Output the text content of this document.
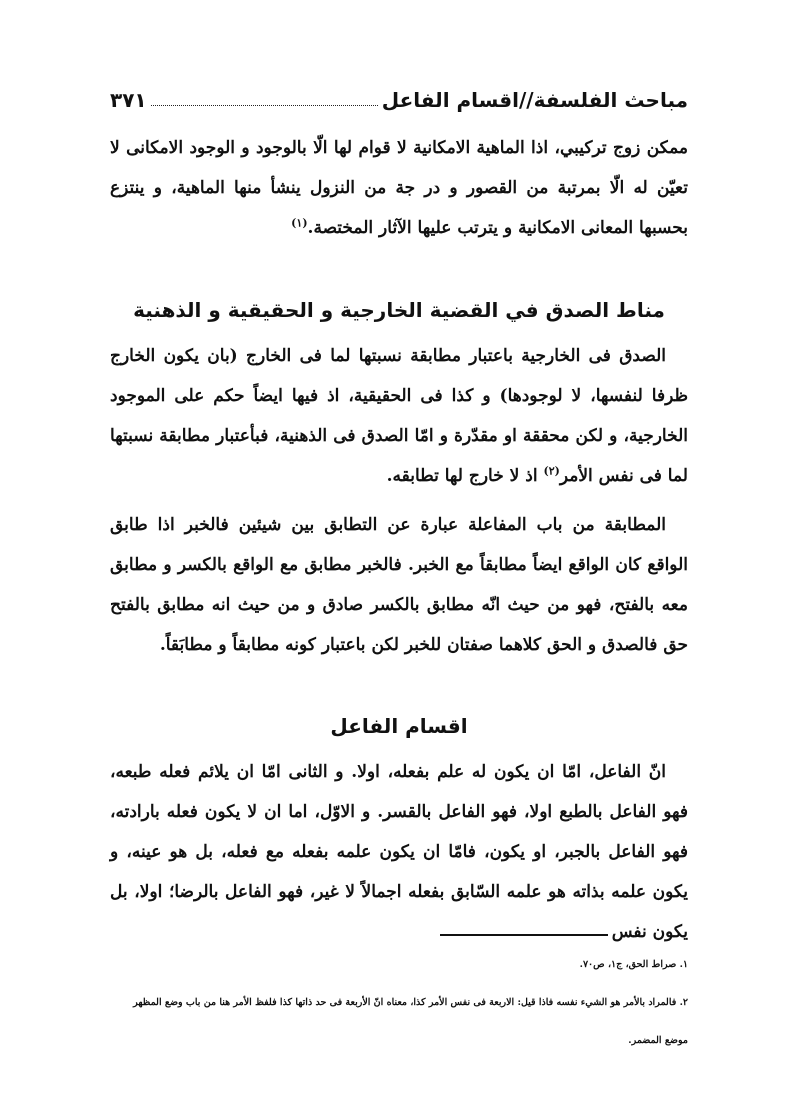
مباحث الفلسفة//اقسام الفاعل
٣٧١
ممكن زوج تركيبي، اذا الماهية الامكانية لا قوام لها الّا بالوجود و الوجود الامكانى لا تعيّن له الّا بمرتبة من القصور و در جة من النزول ينشأ منها الماهية، و ينتزع بحسبها المعانى الامكانية و يترتب عليها الآثار المختصة.$^{(١)}$
مناط الصدق في القضية الخارجية و الحقيقية و الذهنية
الصدق فى الخارجية باعتبار مطابقة نسبتها لما فى الخارج (بان يكون الخارج ظرفا لنفسها، لا لوجودها) و كذا فى الحقيقية، اذ فيها ايضاً حكم على الموجود الخارجية، و لكن محققة او مقدّرة و امّا الصدق فى الذهنية، فبأعتبار مطابقة نسبتها لما فى نفس الأمر$^{(٢)}$ اذ لا خارج لها تطابقه.
المطابقة من باب المفاعلة عبارة عن التطابق بين شيئين فالخبر اذا طابق الواقع كان الواقع ايضاً مطابقاً مع الخبر. فالخبر مطابق مع الواقع بالكسر و مطابق معه بالفتح، فهو من حيث انّه مطابق بالكسر صادق و من حيث انه مطابق بالفتح حق فالصدق و الحق كلاهما صفتان للخبر لكن باعتبار كونه مطابقاً و مطابَقاً.
اقسام الفاعل
انّ الفاعل، امّا ان يكون له علم بفعله، اولا. و الثانى امّا ان يلائم فعله طبعه، فهو الفاعل بالطبع اولا، فهو الفاعل بالقسر. و الاوّل، اما ان لا يكون فعله بارادته، فهو الفاعل بالجبر، او يكون، فامّا ان يكون علمه بفعله مع فعله، بل هو عينه، و يكون علمه بذاته هو علمه السّابق بفعله اجمالاً لا غير، فهو الفاعل بالرضا؛ اولا، بل يكون نفس
١. صراط الحق، ج١، ص٧٠.
٢. فالمراد بالأمر هو الشيء نفسه فاذا قيل: الاربعة فى نفس الأمر كذا، معناه انّ الأربعة فى حد ذاتها كذا فلفظ الأمر هنا من باب وضع المظهر موضع المضمر.
